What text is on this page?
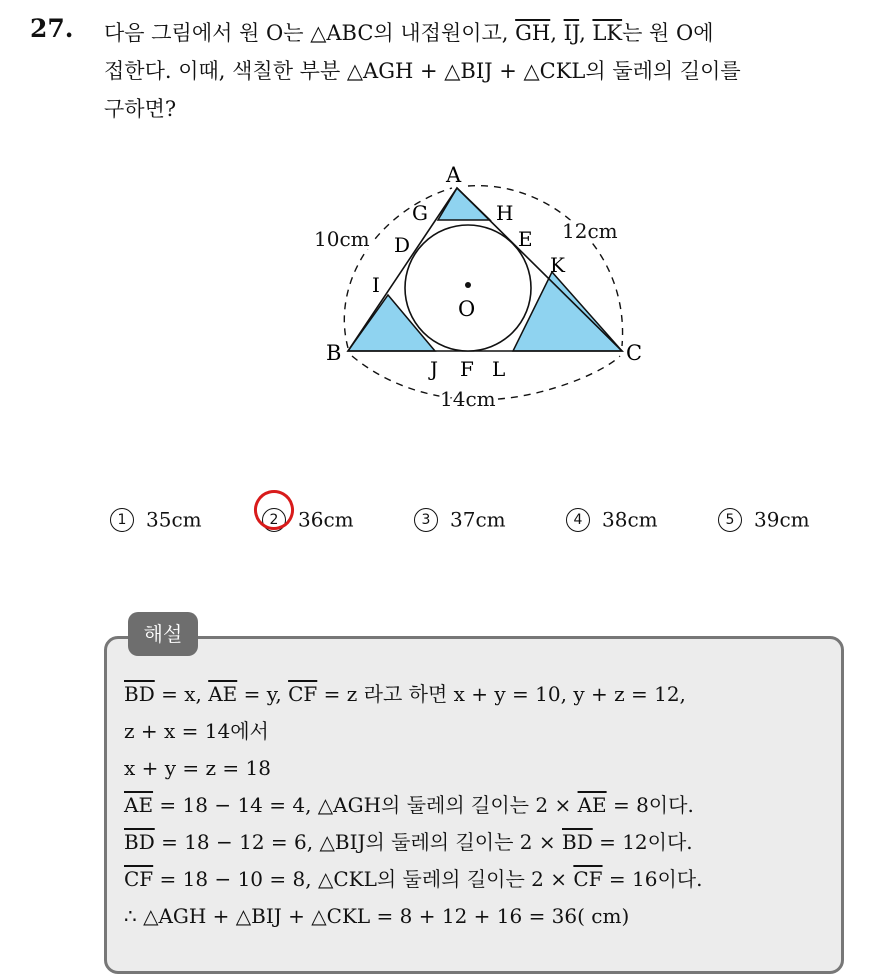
27. 다음 그림에서 원 O는 △ABC의 내접원이고, $\overline{GH}$, $\overline{IJ}$, $\overline{LK}$는 원 O에
접한다. 이때, 색칠한 부분 △AGH + △BIJ + △CKL의 둘레의 길이를
구하면?
A
G	H
D	E
K
I
O
B	C
J F L
10cm	12cm
14cm
1 35cm	2 36cm	3 37cm	4 38cm	5 39cm
해설
$\overline{BD} = x$, $\overline{AE} = y$, $\overline{CF} = z$ 라고 하면 x + y = 10, y + z = 12,
z + x = 14에서
x + y = z = 18
$\overline{AE} = 18 - 14 = 4$, △AGH의 둘레의 길이는 $2 \times \overline{AE} = 8$이다.
$\overline{BD} = 18 - 12 = 6$, △BIJ의 둘레의 길이는 $2 \times \overline{BD} = 12$이다.
$\overline{CF} = 18 - 10 = 8$, △CKL의 둘레의 길이는 $2 \times \overline{CF} = 16$이다.
∴ △AGH + △BIJ + △CKL = 8 + 12 + 16 = 36( cm)
